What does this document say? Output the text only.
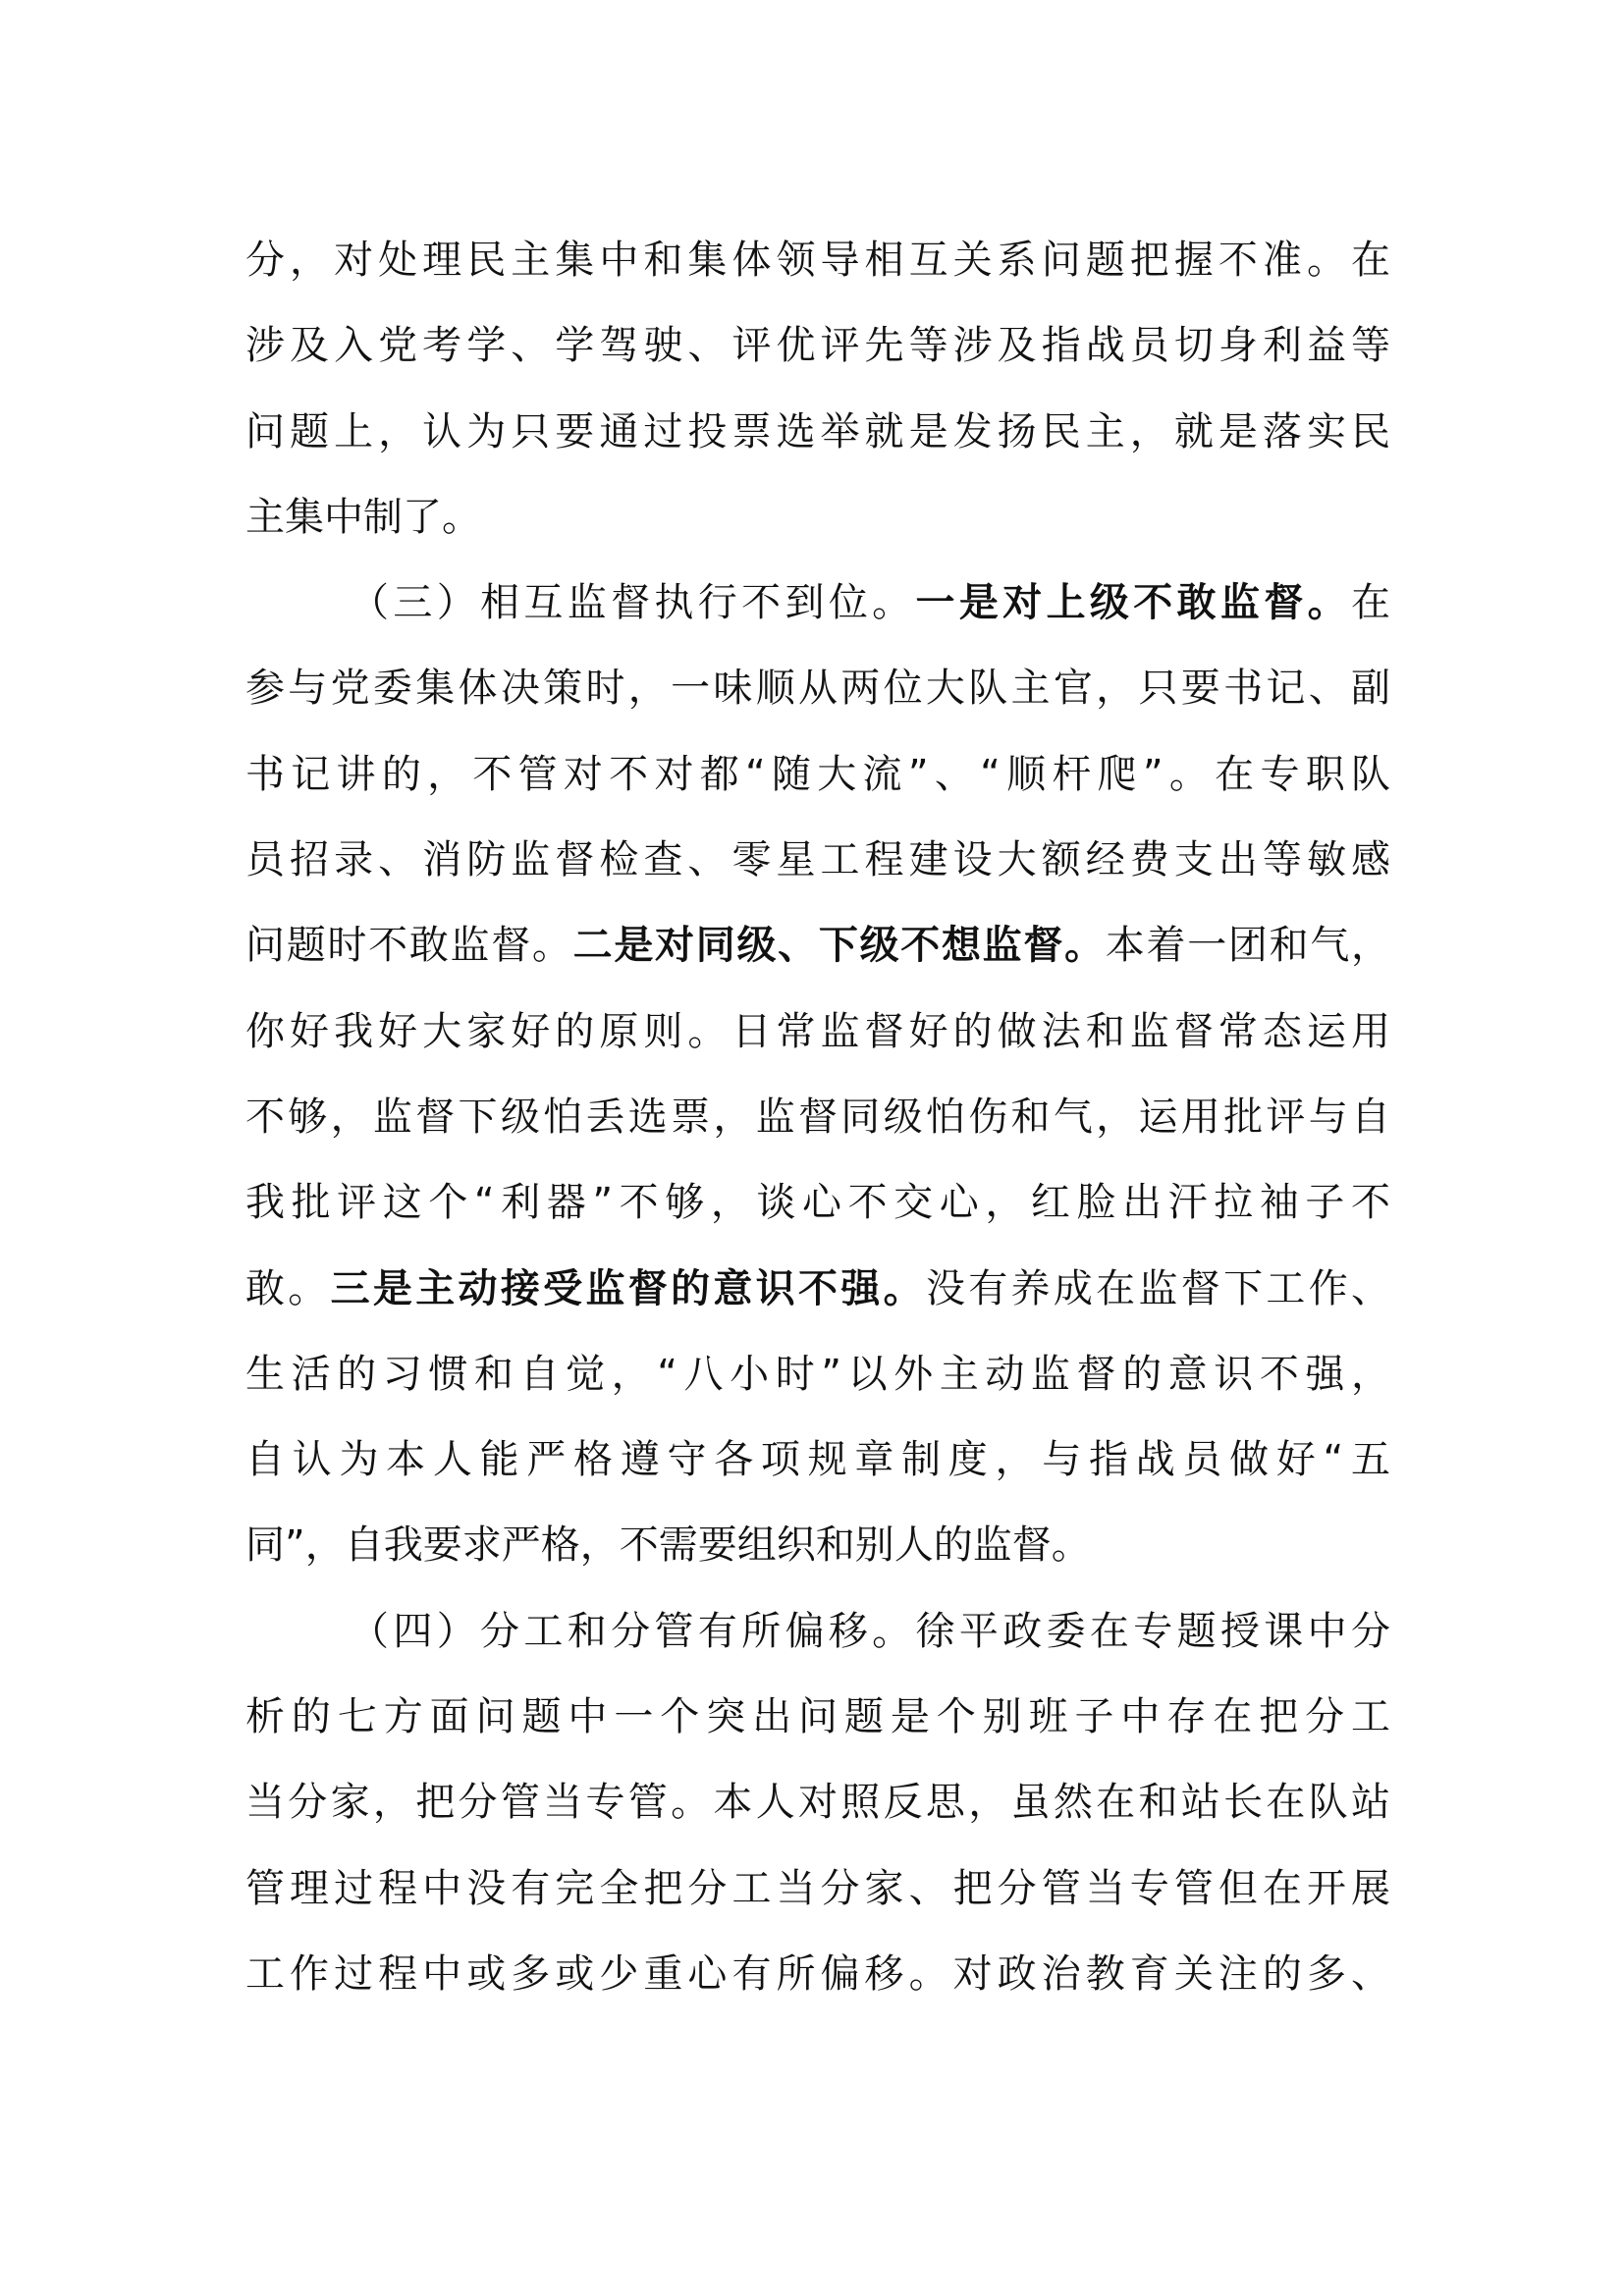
分，对处理民主集中和集体领导相互关系问题把握不准。在
涉及入党考学、学驾驶、评优评先等涉及指战员切身利益等
问题上，认为只要通过投票选举就是发扬民主，就是落实民
主集中制了。
（三）相互监督执行不到位。一是对上级不敢监督。在
参与党委集体决策时，一味顺从两位大队主官，只要书记、副
书记讲的，不管对不对都“随大流”、“顺杆爬”。在专职队
员招录、消防监督检查、零星工程建设大额经费支出等敏感
问题时不敢监督。二是对同级、下级不想监督。本着一团和气，
你好我好大家好的原则。日常监督好的做法和监督常态运用
不够，监督下级怕丢选票，监督同级怕伤和气，运用批评与自
我批评这个“利器”不够，谈心不交心，红脸出汗拉袖子不
敢。三是主动接受监督的意识不强。没有养成在监督下工作、
生活的习惯和自觉，“八小时”以外主动监督的意识不强，
自认为本人能严格遵守各项规章制度，与指战员做好“五
同”，自我要求严格，不需要组织和别人的监督。
（四）分工和分管有所偏移。徐平政委在专题授课中分
析的七方面问题中一个突出问题是个别班子中存在把分工
当分家，把分管当专管。本人对照反思，虽然在和站长在队站
管理过程中没有完全把分工当分家、把分管当专管但在开展
工作过程中或多或少重心有所偏移。对政治教育关注的多、
